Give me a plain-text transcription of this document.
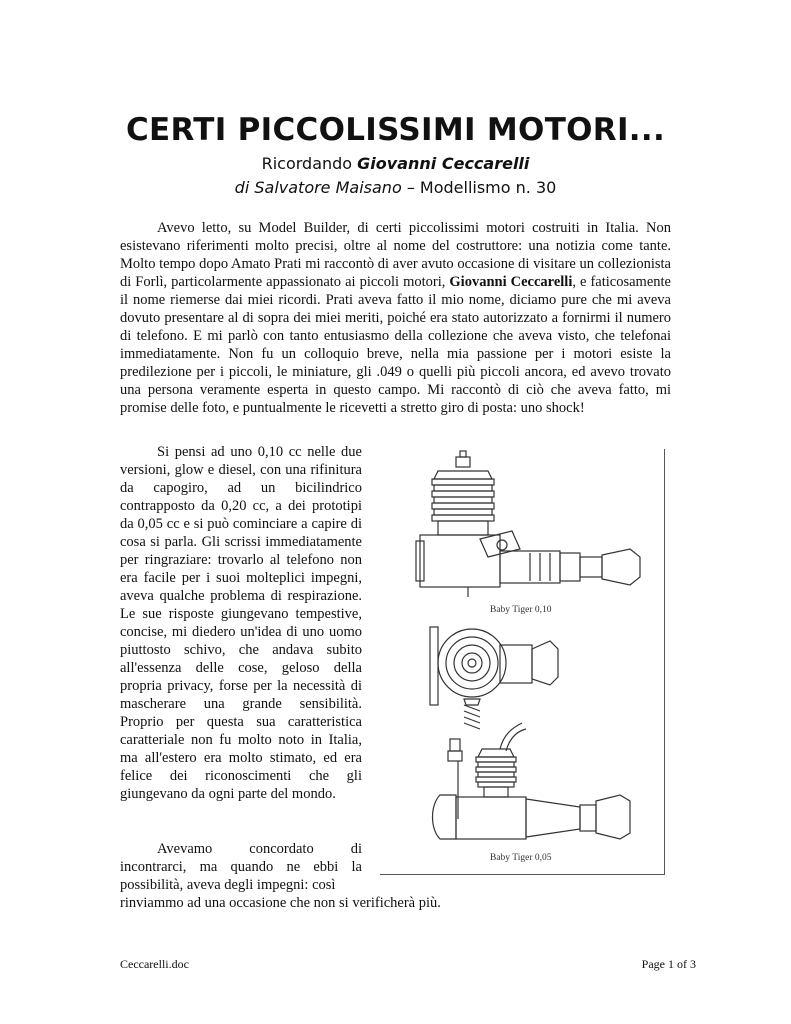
CERTI PICCOLISSIMI MOTORI...
Ricordando Giovanni Ceccarelli
di Salvatore Maisano – Modellismo n. 30
Avevo letto, su Model Builder, di certi piccolissimi motori costruiti in Italia. Non esistevano riferimenti molto precisi, oltre al nome del costruttore: una notizia come tante. Molto tempo dopo Amato Prati mi raccontò di aver avuto occasione di visitare un collezionista di Forlì, particolarmente appassionato ai piccoli motori, Giovanni Ceccarelli, e faticosamente il nome riemerse dai miei ricordi. Prati aveva fatto il mio nome, diciamo pure che mi aveva dovuto presentare al di sopra dei miei meriti, poiché era stato autorizzato a fornirmi il numero di telefono. E mi parlò con tanto entusiasmo della collezione che aveva visto, che telefonai immediatamente. Non fu un colloquio breve, nella mia passione per i motori esiste la predilezione per i piccoli, le miniature, gli .049 o quelli più piccoli ancora, ed avevo trovato una persona veramente esperta in questo campo. Mi raccontò di ciò che aveva fatto, mi promise delle foto, e puntualmente le ricevetti a stretto giro di posta: uno shock!
Si pensi ad uno 0,10 cc nelle due versioni, glow e diesel, con una rifinitura da capogiro, ad un bicilindrico contrapposto da 0,20 cc, a dei prototipi da 0,05 cc e si può cominciare a capire di cosa si parla. Gli scrissi immediatamente per ringraziare: trovarlo al telefono non era facile per i suoi molteplici impegni, aveva qualche problema di respirazione. Le sue risposte giungevano tempestive, concise, mi diedero un'idea di uno uomo piuttosto schivo, che andava subito all'essenza delle cose, geloso della propria privacy, forse per la necessità di mascherare una grande sensibilità. Proprio per questa sua caratteristica caratteriale non fu molto noto in Italia, ma all'estero era molto stimato, ed era felice dei riconoscimenti che gli giungevano da ogni parte del mondo.
Baby Tiger 0,10
Baby Tiger 0,05
Avevamo concordato di incontrarci, ma quando ne ebbi la possibilità, aveva degli impegni: così
rinviammo ad una occasione che non si verificherà più.
Ceccarelli.doc	Page 1 of 3
